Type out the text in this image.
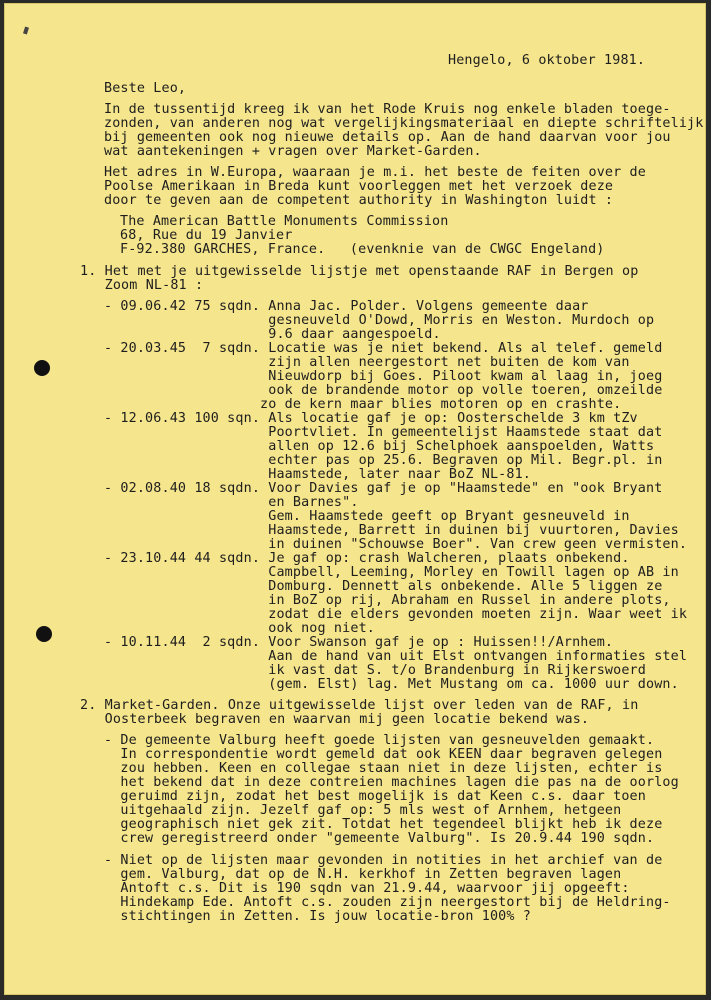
Hengelo, 6 oktober 1981.
Beste Leo,
In de tussentijd kreeg ik van het Rode Kruis nog enkele bladen toege-
zonden, van anderen nog wat vergelijkingsmateriaal en diepte schriftelijk
bij gemeenten ook nog nieuwe details op. Aan de hand daarvan voor jou
wat aantekeningen + vragen over Market-Garden.
Het adres in W.Europa, waaraan je m.i. het beste de feiten over de
Poolse Amerikaan in Breda kunt voorleggen met het verzoek deze
door te geven aan de competent authority in Washington luidt :
The American Battle Monuments Commission
68, Rue du 19 Janvier
F-92.380 GARCHES, France.   (evenknie van de CWGC Engeland)
1. Het met je uitgewisselde lijstje met openstaande RAF in Bergen op
Zoom NL-81 :
- 09.06.42 75 sqdn. Anna Jac. Polder. Volgens gemeente daar
gesneuveld O'Dowd, Morris en Weston. Murdoch op
9.6 daar aangespoeld.
- 20.03.45  7 sqdn. Locatie was je niet bekend. Als al telef. gemeld
zijn allen neergestort net buiten de kom van
Nieuwdorp bij Goes. Piloot kwam al laag in, joeg
ook de brandende motor op volle toeren, omzeilde
zo de kern maar blies motoren op en crashte.
- 12.06.43 100 sqn. Als locatie gaf je op: Oosterschelde 3 km tZv
Poortvliet. In gemeentelijst Haamstede staat dat
allen op 12.6 bij Schelphoek aanspoelden, Watts
echter pas op 25.6. Begraven op Mil. Begr.pl. in
Haamstede, later naar BoZ NL-81.
- 02.08.40 18 sqdn. Voor Davies gaf je op "Haamstede" en "ook Bryant
en Barnes".
Gem. Haamstede geeft op Bryant gesneuveld in
Haamstede, Barrett in duinen bij vuurtoren, Davies
in duinen "Schouwse Boer". Van crew geen vermisten.
- 23.10.44 44 sqdn. Je gaf op: crash Walcheren, plaats onbekend.
Campbell, Leeming, Morley en Towill lagen op AB in
Domburg. Dennett als onbekende. Alle 5 liggen ze
in BoZ op rij, Abraham en Russel in andere plots,
zodat die elders gevonden moeten zijn. Waar weet ik
ook nog niet.
- 10.11.44  2 sqdn. Voor Swanson gaf je op : Huissen!!/Arnhem.
Aan de hand van uit Elst ontvangen informaties stel
ik vast dat S. t/o Brandenburg in Rijkerswoerd
(gem. Elst) lag. Met Mustang om ca. 1000 uur down.
2. Market-Garden. Onze uitgewisselde lijst over leden van de RAF, in
Oosterbeek begraven en waarvan mij geen locatie bekend was.
- De gemeente Valburg heeft goede lijsten van gesneuvelden gemaakt.
In correspondentie wordt gemeld dat ook KEEN daar begraven gelegen
zou hebben. Keen en collegae staan niet in deze lijsten, echter is
het bekend dat in deze contreien machines lagen die pas na de oorlog
geruimd zijn, zodat het best mogelijk is dat Keen c.s. daar toen
uitgehaald zijn. Jezelf gaf op: 5 mls west of Arnhem, hetgeen
geographisch niet gek zit. Totdat het tegendeel blijkt heb ik deze
crew geregistreerd onder "gemeente Valburg". Is 20.9.44 190 sqdn.
- Niet op de lijsten maar gevonden in notities in het archief van de
gem. Valburg, dat op de N.H. kerkhof in Zetten begraven lagen
Antoft c.s. Dit is 190 sqdn van 21.9.44, waarvoor jij opgeeft:
Hindekamp Ede. Antoft c.s. zouden zijn neergestort bij de Heldring-
stichtingen in Zetten. Is jouw locatie-bron 100% ?
